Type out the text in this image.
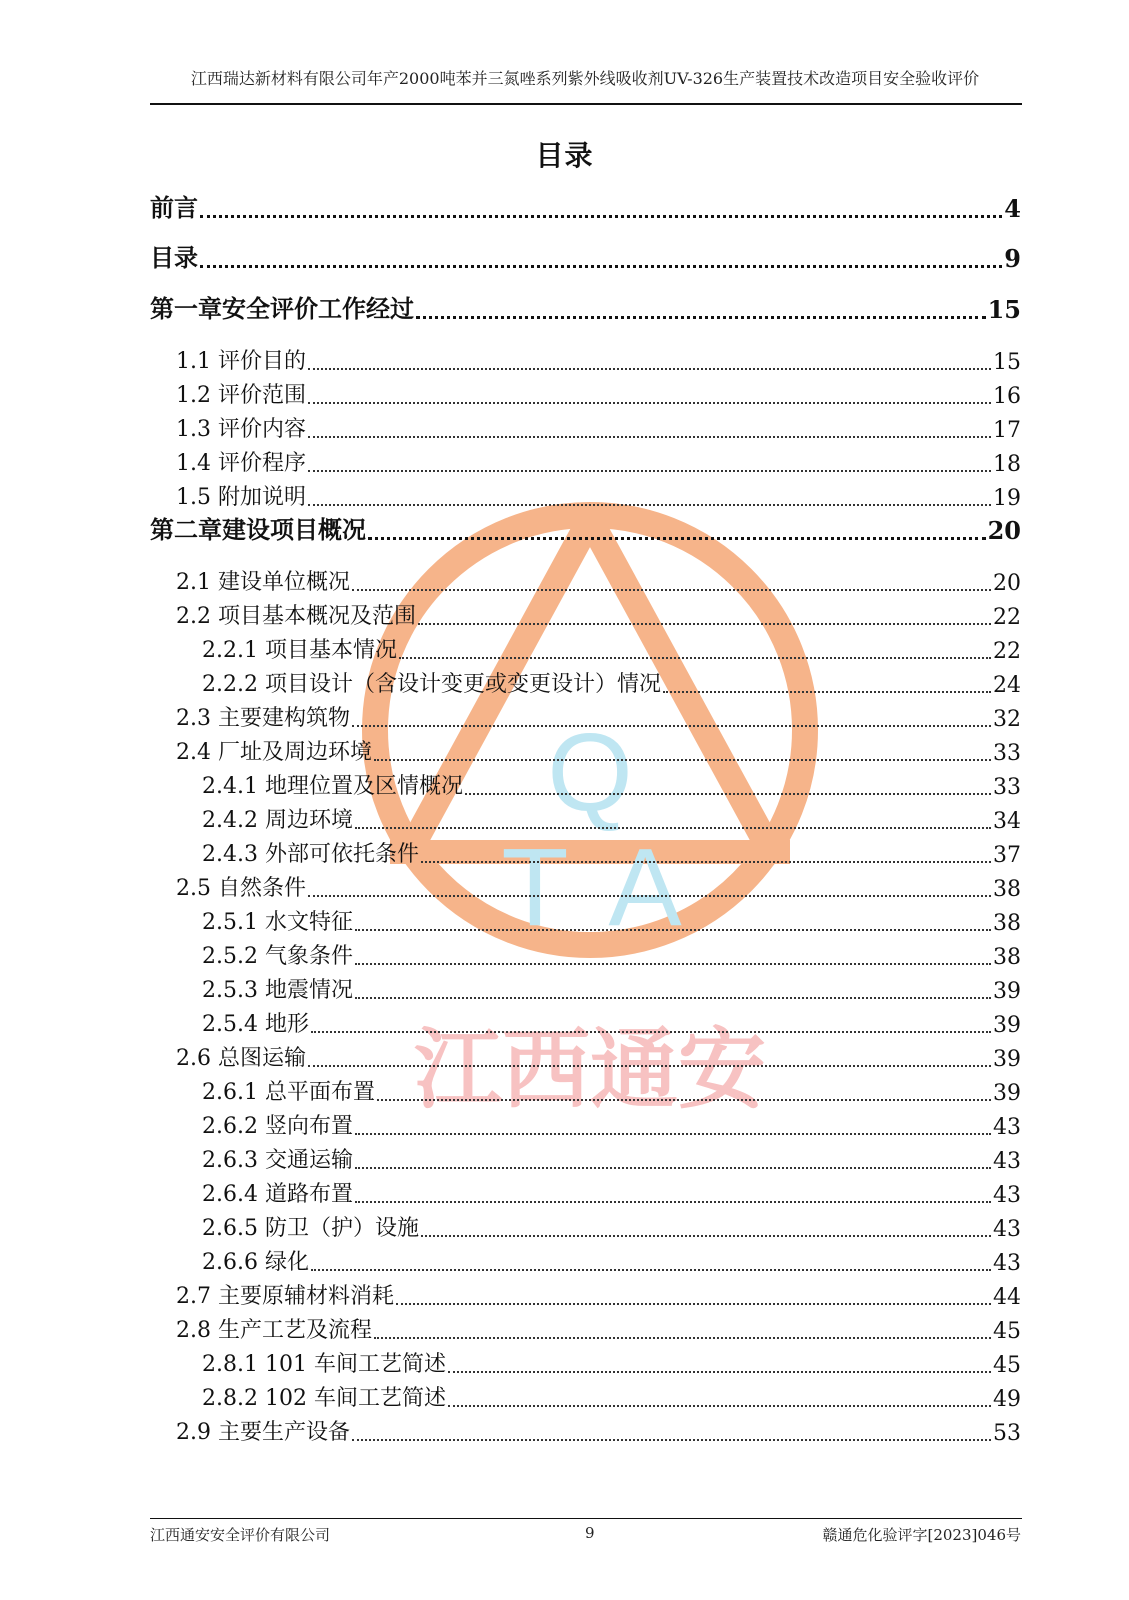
江西瑞达新材料有限公司年产2000吨苯并三氮唑系列紫外线吸收剂UV-326生产装置技术改造项目安全验收评价
目录
Q
T A
江西通安
前言	4
目录	9
第一章安全评价工作经过	15
1.1 评价目的	15
1.2 评价范围	16
1.3 评价内容	17
1.4 评价程序	18
1.5 附加说明	19
第二章建设项目概况	20
2.1 建设单位概况	20
2.2 项目基本概况及范围	22
2.2.1 项目基本情况	22
2.2.2 项目设计（含设计变更或变更设计）情况	24
2.3 主要建构筑物	32
2.4 厂址及周边环境	33
2.4.1 地理位置及区情概况	33
2.4.2 周边环境	34
2.4.3 外部可依托条件	37
2.5 自然条件	38
2.5.1 水文特征	38
2.5.2 气象条件	38
2.5.3 地震情况	39
2.5.4 地形	39
2.6 总图运输	39
2.6.1 总平面布置	39
2.6.2 竖向布置	43
2.6.3 交通运输	43
2.6.4 道路布置	43
2.6.5 防卫（护）设施	43
2.6.6 绿化	43
2.7 主要原辅材料消耗	44
2.8 生产工艺及流程	45
2.8.1 101 车间工艺简述	45
2.8.2 102 车间工艺简述	49
2.9 主要生产设备	53
江西通安安全评价有限公司	9	赣通危化验评字[2023]046号
